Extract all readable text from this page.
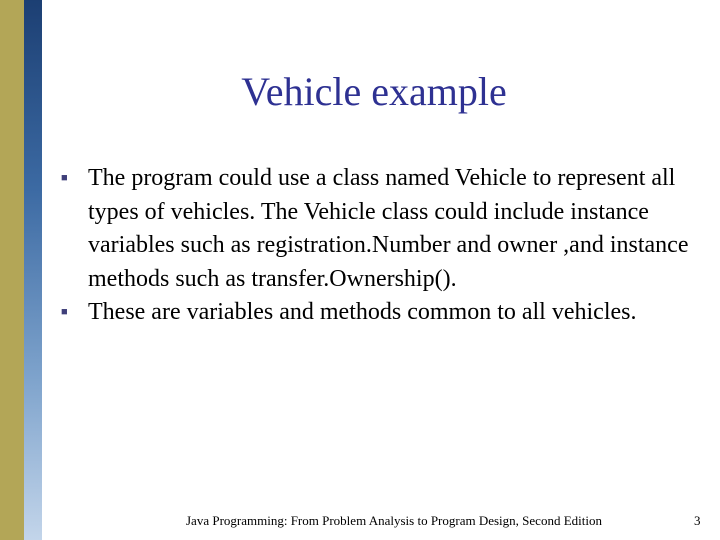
Vehicle example
■ The program could use a class named Vehicle to represent all types of vehicles. The Vehicle class could include instance variables such as registration.Number and owner ,and instance methods such as transfer.Ownership().
■ These are variables and methods common to all vehicles.
Java Programming: From Problem Analysis to Program Design, Second Edition	3
